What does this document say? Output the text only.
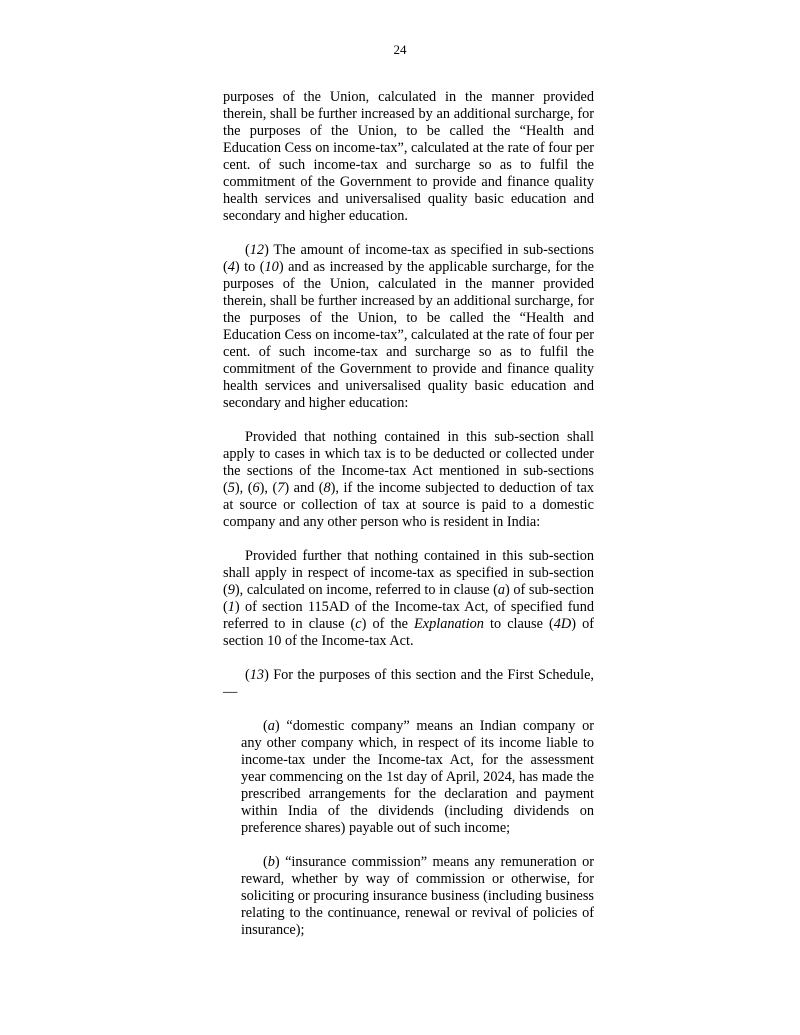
24

purposes of the Union, calculated in the manner provided therein, shall be further increased by an additional surcharge, for the purposes of the Union, to be called the “Health and Education Cess on income-tax”, calculated at the rate of four per cent. of such income-tax and surcharge so as to fulfil the commitment of the Government to provide and finance quality health services and universalised quality basic education and secondary and higher education.

(12) The amount of income-tax as specified in sub-sections (4) to (10) and as increased by the applicable surcharge, for the purposes of the Union, calculated in the manner provided therein, shall be further increased by an additional surcharge, for the purposes of the Union, to be called the “Health and Education Cess on income-tax”, calculated at the rate of four per cent. of such income-tax and surcharge so as to fulfil the commitment of the Government to provide and finance quality health services and universalised quality basic education and secondary and higher education:

Provided that nothing contained in this sub-section shall apply to cases in which tax is to be deducted or collected under the sections of the Income-tax Act mentioned in sub-sections (5), (6), (7) and (8), if the income subjected to deduction of tax at source or collection of tax at source is paid to a domestic company and any other person who is resident in India:

Provided further that nothing contained in this sub-section shall apply in respect of income-tax as specified in sub-section (9), calculated on income, referred to in clause (a) of sub-section (1) of section 115AD of the Income-tax Act, of specified fund referred to in clause (c) of the Explanation to clause (4D) of section 10 of the Income-tax Act.

(13) For the purposes of this section and the First Schedule,—

(a) “domestic company” means an Indian company or any other company which, in respect of its income liable to income-tax under the Income-tax Act, for the assessment year commencing on the 1st day of April, 2024, has made the prescribed arrangements for the declaration and payment within India of the dividends (including dividends on preference shares) payable out of such income;

(b) “insurance commission” means any remuneration or reward, whether by way of commission or otherwise, for soliciting or procuring insurance business (including business relating to the continuance, renewal or revival of policies of insurance);
